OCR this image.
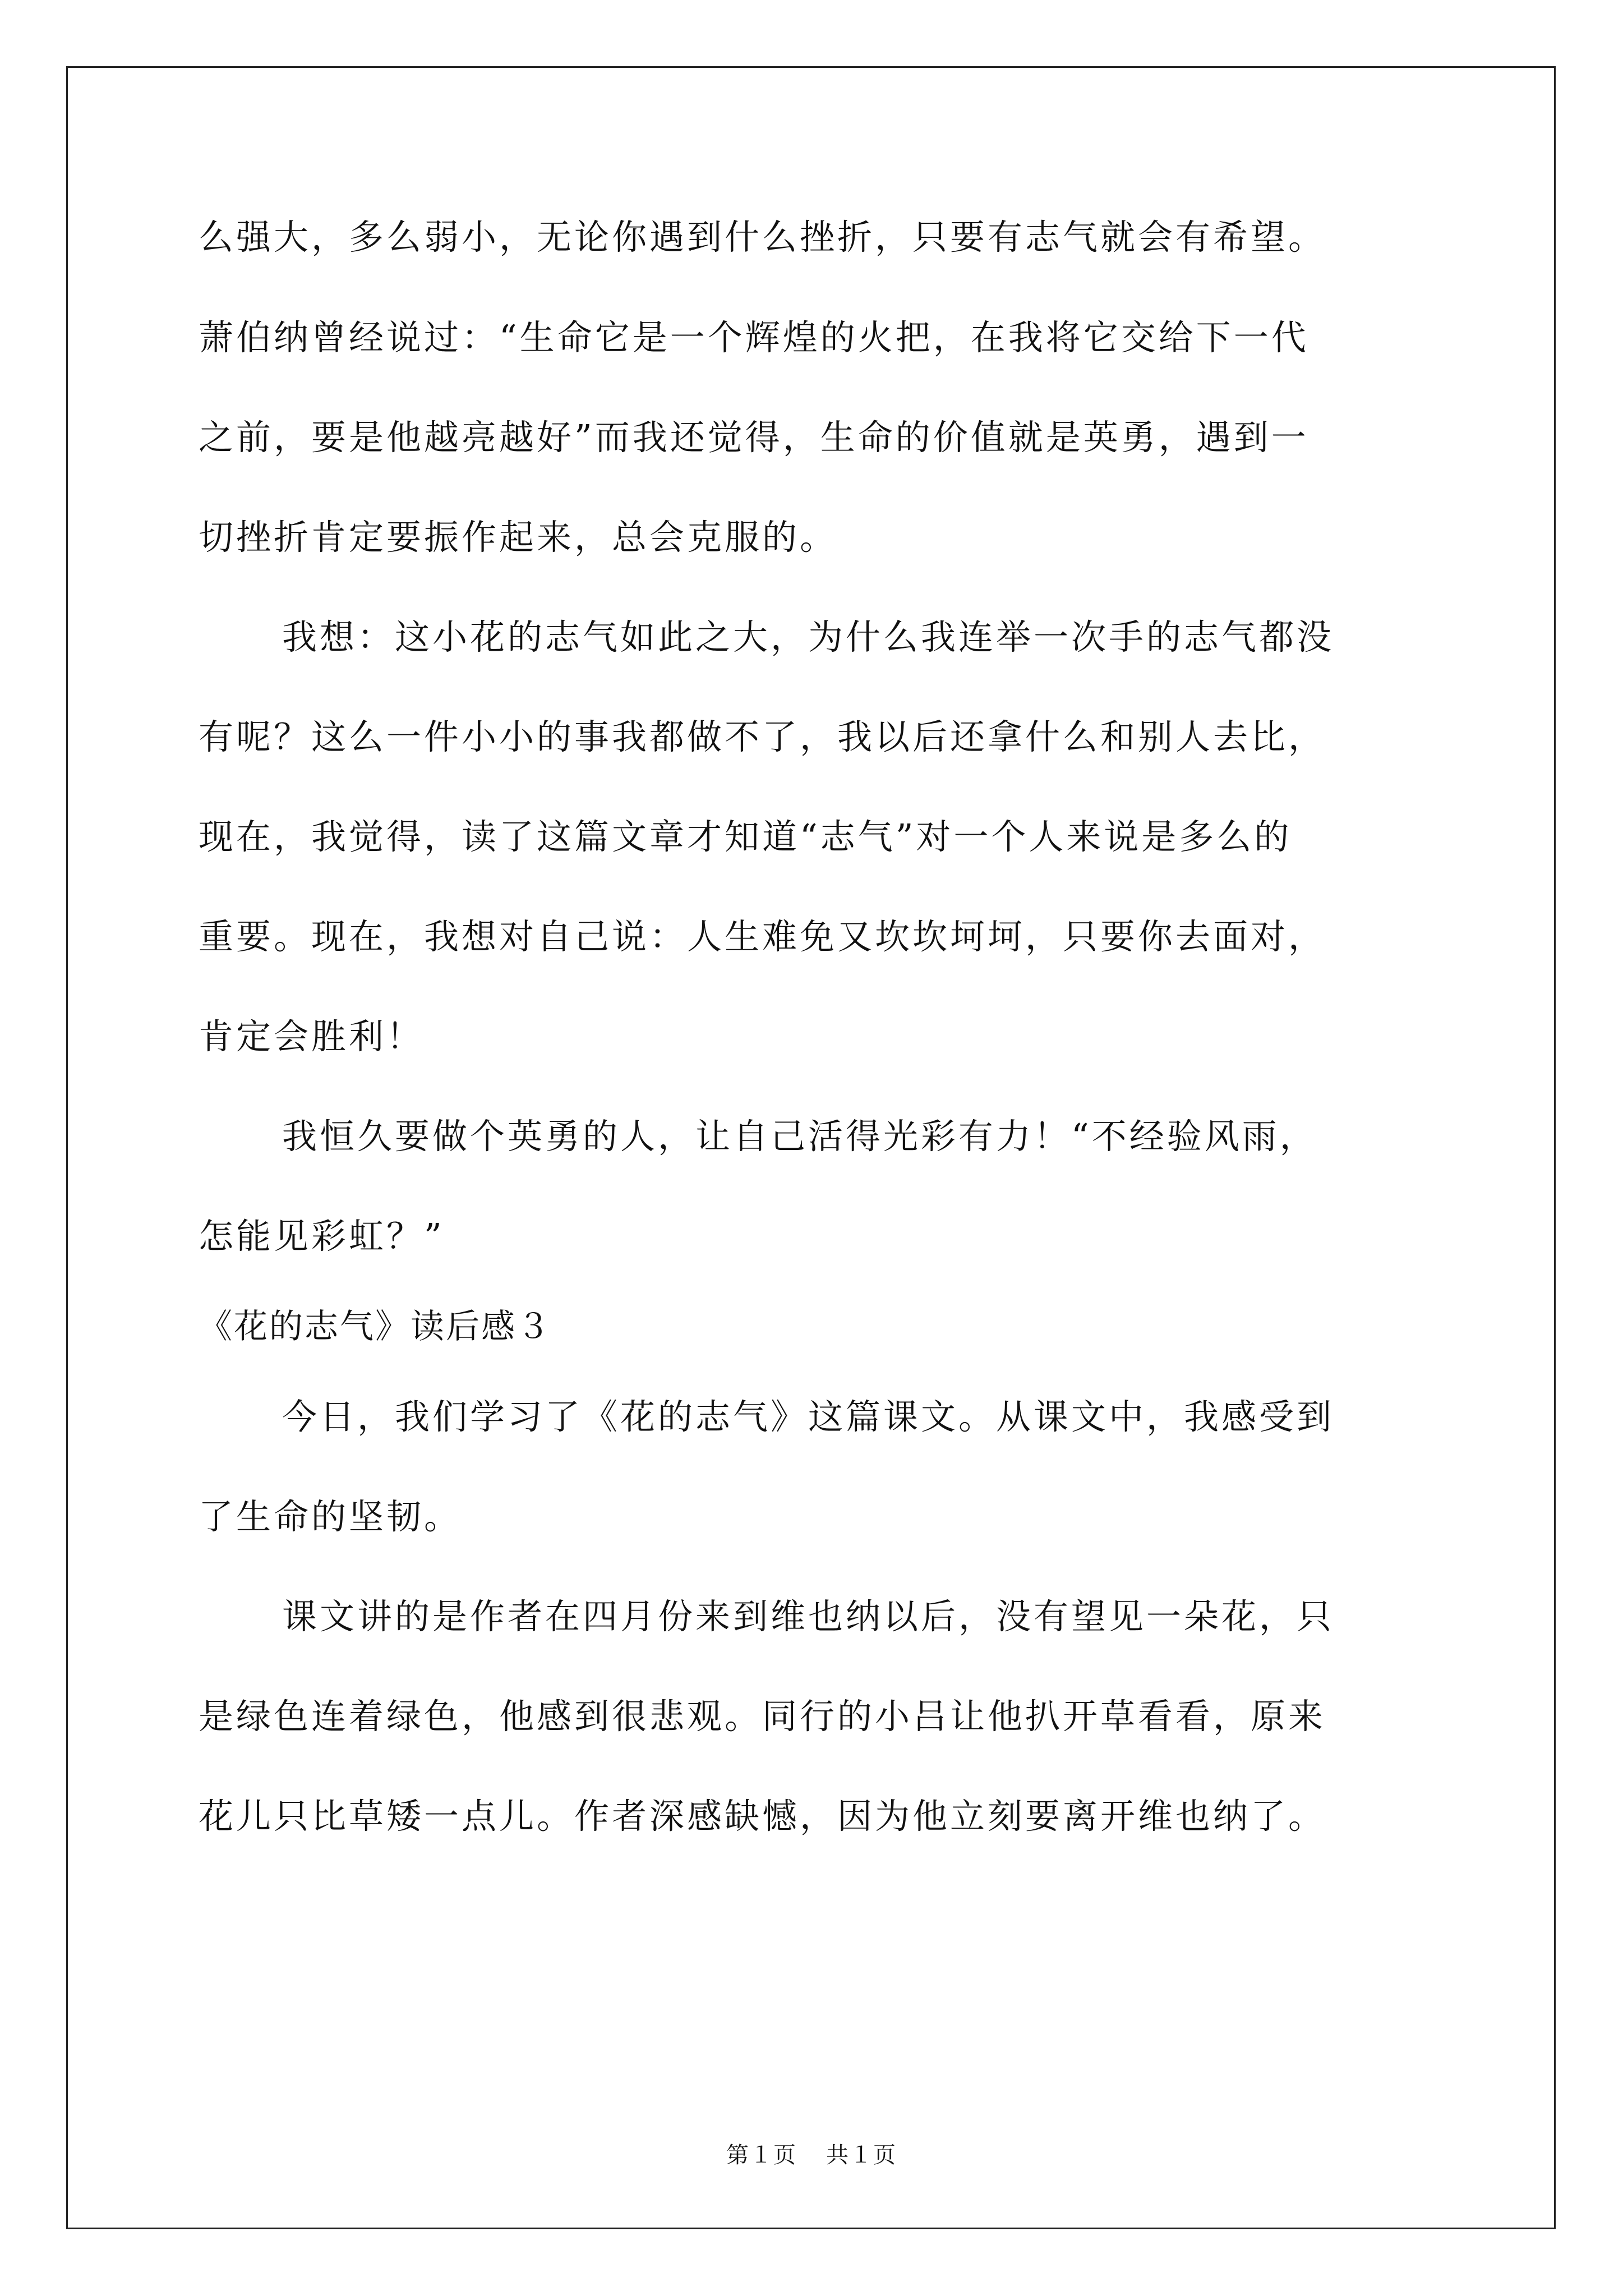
么强大，多么弱小，无论你遇到什么挫折，只要有志气就会有希望。
萧伯纳曾经说过：“生命它是一个辉煌的火把，在我将它交给下一代
之前，要是他越亮越好”而我还觉得，生命的价值就是英勇，遇到一
切挫折肯定要振作起来，总会克服的。
我想：这小花的志气如此之大，为什么我连举一次手的志气都没
有呢？这么一件小小的事我都做不了，我以后还拿什么和别人去比，
现在，我觉得，读了这篇文章才知道“志气”对一个人来说是多么的
重要。现在，我想对自己说：人生难免又坎坎坷坷，只要你去面对，
肯定会胜利！
我恒久要做个英勇的人，让自己活得光彩有力！“不经验风雨，
怎能见彩虹？”
《花的志气》读后感３
今日，我们学习了《花的志气》这篇课文。从课文中，我感受到
了生命的坚韧。
课文讲的是作者在四月份来到维也纳以后，没有望见一朵花，只
是绿色连着绿色，他感到很悲观。同行的小吕让他扒开草看看，原来
花儿只比草矮一点儿。作者深感缺憾，因为他立刻要离开维也纳了。
第１页 共１页
